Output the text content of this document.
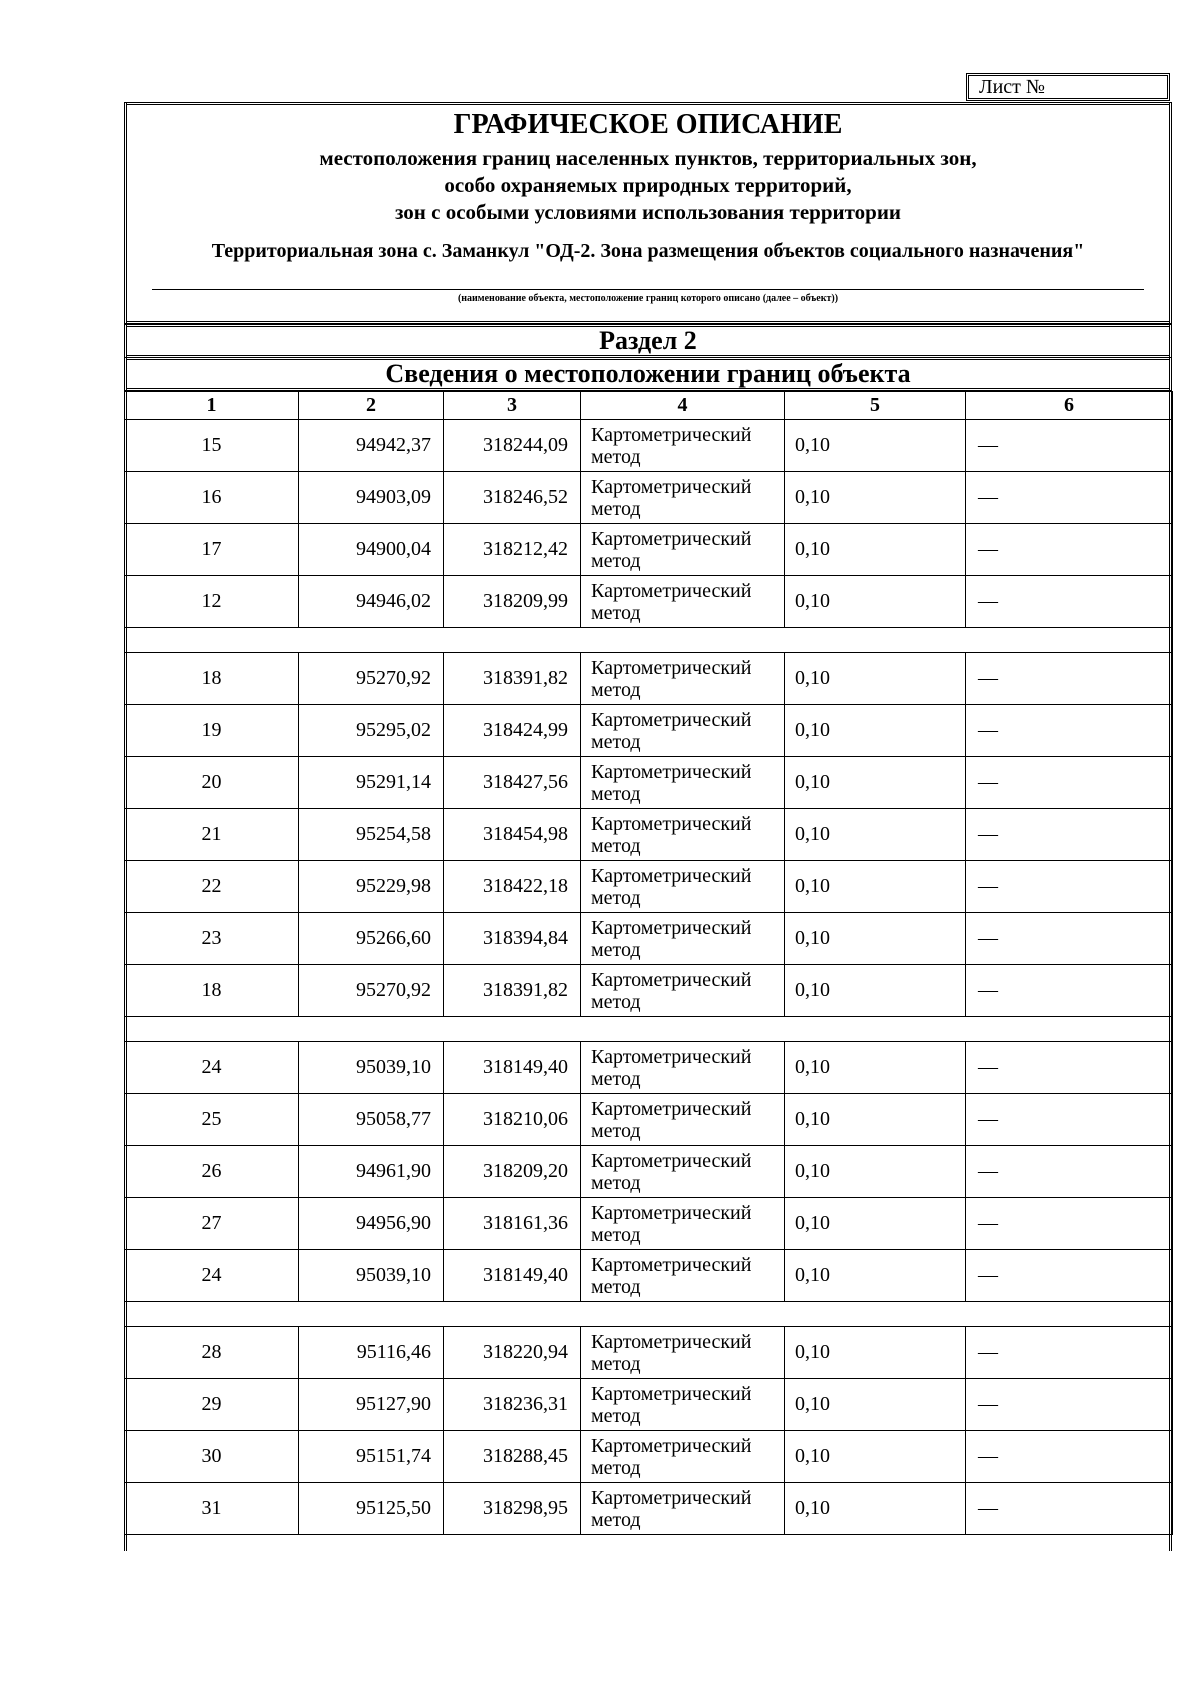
Лист №
ГРАФИЧЕСКОЕ ОПИСАНИЕ
местоположения границ населенных пунктов, территориальных зон,
особо охраняемых природных территорий,
зон с особыми условиями использования территории
Территориальная зона с. Заманкул "ОД-2. Зона размещения объектов социального назначения"
(наименование объекта, местоположение границ которого описано (далее – объект))
Раздел 2
Сведения о местоположении границ объекта
1	2	3	4	5	6
15	94942,37	318244,09	Картометрический метод	0,10	—
16	94903,09	318246,52	Картометрический метод	0,10	—
17	94900,04	318212,42	Картометрический метод	0,10	—
12	94946,02	318209,99	Картометрический метод	0,10	—

18	95270,92	318391,82	Картометрический метод	0,10	—
19	95295,02	318424,99	Картометрический метод	0,10	—
20	95291,14	318427,56	Картометрический метод	0,10	—
21	95254,58	318454,98	Картометрический метод	0,10	—
22	95229,98	318422,18	Картометрический метод	0,10	—
23	95266,60	318394,84	Картометрический метод	0,10	—
18	95270,92	318391,82	Картометрический метод	0,10	—

24	95039,10	318149,40	Картометрический метод	0,10	—
25	95058,77	318210,06	Картометрический метод	0,10	—
26	94961,90	318209,20	Картометрический метод	0,10	—
27	94956,90	318161,36	Картометрический метод	0,10	—
24	95039,10	318149,40	Картометрический метод	0,10	—

28	95116,46	318220,94	Картометрический метод	0,10	—
29	95127,90	318236,31	Картометрический метод	0,10	—
30	95151,74	318288,45	Картометрический метод	0,10	—
31	95125,50	318298,95	Картометрический метод	0,10	—
